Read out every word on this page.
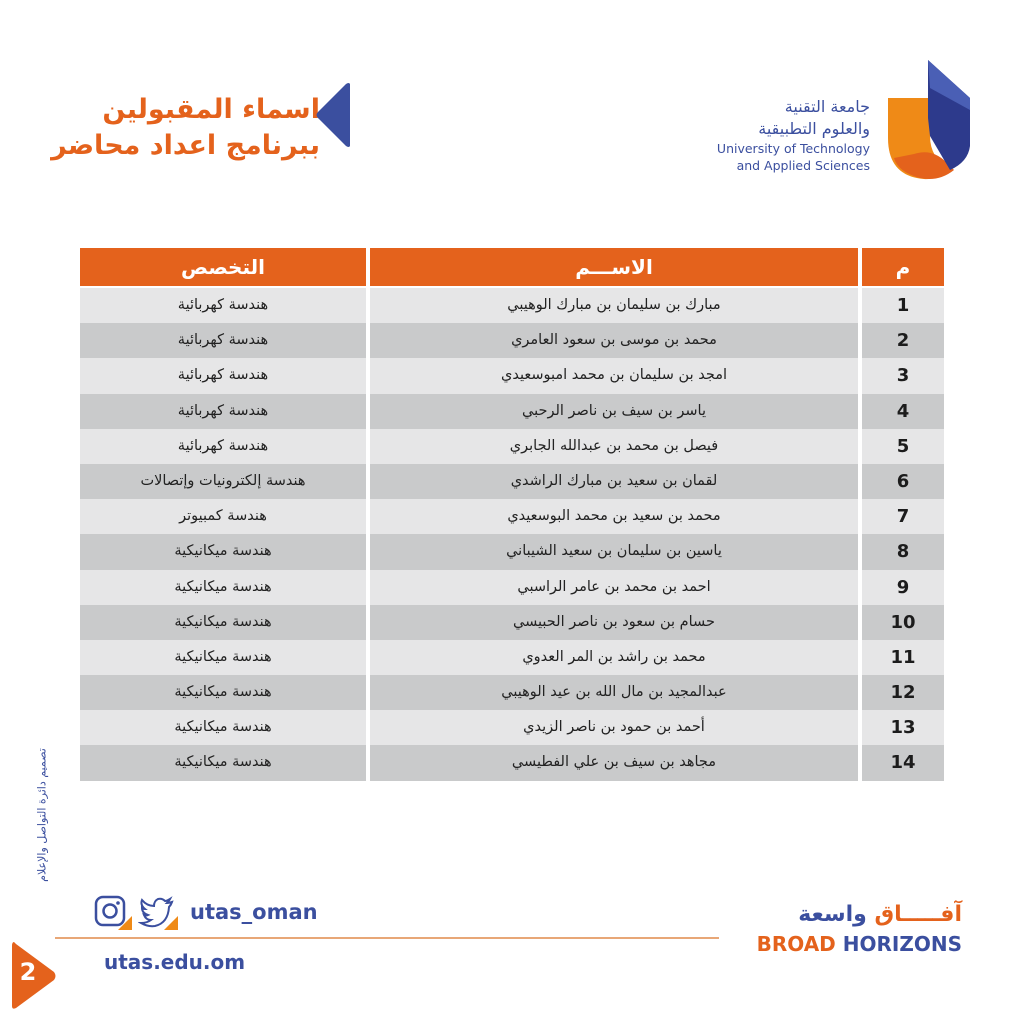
اسماء المقبولين
ببرنامج اعداد محاضر
جامعة التقنية
والعلوم التطبيقية
University of Technology
and Applied Sciences
التخصص	الاســـم	م
هندسة كهربائية	مبارك بن سليمان بن مبارك الوهيبي	1
هندسة كهربائية	محمد بن موسى بن سعود العامري	2
هندسة كهربائية	امجد بن سليمان بن محمد امبوسعيدي	3
هندسة كهربائية	ياسر بن سيف بن ناصر الرحبي	4
هندسة كهربائية	فيصل بن محمد بن عبدالله الجابري	5
هندسة إلكترونيات وإتصالات	لقمان بن سعيد بن مبارك الراشدي	6
هندسة كمبيوتر	محمد بن سعيد بن محمد البوسعيدي	7
هندسة ميكانيكية	ياسين بن سليمان بن سعيد الشيباني	8
هندسة ميكانيكية	احمد بن محمد بن عامر الراسبي	9
هندسة ميكانيكية	حسام بن سعود بن ناصر الحبيسي	10
هندسة ميكانيكية	محمد بن راشد بن المر العدوي	11
هندسة ميكانيكية	عبدالمجيد بن مال الله بن عيد الوهيبي	12
هندسة ميكانيكية	أحمد بن حمود بن ناصر الزيدي	13
هندسة ميكانيكية	مجاهد بن سيف بن علي الفطيسي	14
تصميم دائرة التواصل والإعلام
utas_oman
utas.edu.om
2
آفـــــاق واسعة
BROAD HORIZONS
